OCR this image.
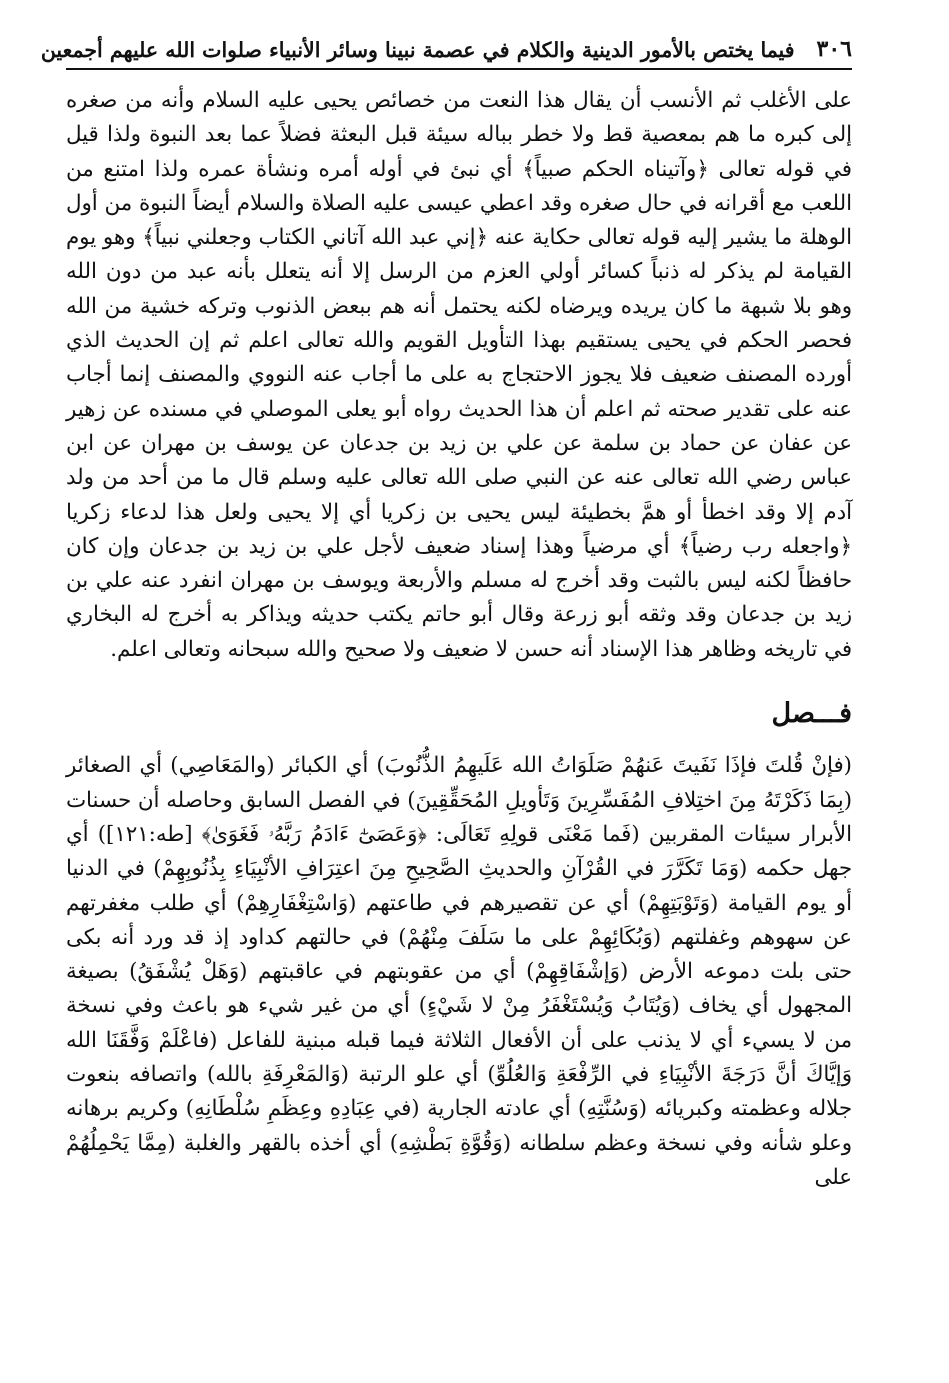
٣٠٦
فيما يختص بالأمور الدينية والكلام في عصمة نبينا وسائر الأنبياء صلوات الله عليهم أجمعين

على الأغلب ثم الأنسب أن يقال هذا النعت من خصائص يحيى عليه السلام وأنه من صغره إلى كبره ما هم بمعصية قط ولا خطر بباله سيئة قبل البعثة فضلاً عما بعد النبوة ولذا قيل في قوله تعالى ﴿وآتيناه الحكم صبياً﴾ أي نبئ في أوله أمره ونشأة عمره ولذا امتنع من اللعب مع أقرانه في حال صغره وقد اعطي عيسى عليه الصلاة والسلام أيضاً النبوة من أول الوهلة ما يشير إليه قوله تعالى حكاية عنه ﴿إني عبد الله آتاني الكتاب وجعلني نبياً﴾ وهو يوم القيامة لم يذكر له ذنباً كسائر أولي العزم من الرسل إلا أنه يتعلل بأنه عبد من دون الله وهو بلا شبهة ما كان يريده ويرضاه لكنه يحتمل أنه هم ببعض الذنوب وتركه خشية من الله فحصر الحكم في يحيى يستقيم بهذا التأويل القويم والله تعالى اعلم ثم إن الحديث الذي أورده المصنف ضعيف فلا يجوز الاحتجاج به على ما أجاب عنه النووي والمصنف إنما أجاب عنه على تقدير صحته ثم اعلم أن هذا الحديث رواه أبو يعلى الموصلي في مسنده عن زهير عن عفان عن حماد بن سلمة عن علي بن زيد بن جدعان عن يوسف بن مهران عن ابن عباس رضي الله تعالى عنه عن النبي صلى الله تعالى عليه وسلم قال ما من أحد من ولد آدم إلا وقد اخطأ أو همَّ بخطيئة ليس يحيى بن زكريا أي إلا يحيى ولعل هذا لدعاء زكريا ﴿واجعله رب رضياً﴾ أي مرضياً وهذا إسناد ضعيف لأجل علي بن زيد بن جدعان وإن كان حافظاً لكنه ليس بالثبت وقد أخرج له مسلم والأربعة ويوسف بن مهران انفرد عنه علي بن زيد بن جدعان وقد وثقه أبو زرعة وقال أبو حاتم يكتب حديثه ويذاكر به أخرج له البخاري في تاريخه وظاهر هذا الإسناد أنه حسن لا ضعيف ولا صحيح والله سبحانه وتعالى اعلم.

فـــصل

(فإنْ قُلتَ فإذَا نَفَيتَ عَنهُمْ صَلَوَاتُ الله عَلَيهِمُ الذُّنُوبَ) أي الكبائر (والمَعَاصِي) أي الصغائر (بِمَا ذَكَرْتَهُ مِنَ اختِلافِ المُفَسِّرِينَ وَتَأويلِ المُحَقِّقِينَ) في الفصل السابق وحاصله أن حسنات الأبرار سيئات المقربين (فَما مَعْنَى قولِهِ تَعَالَى: ﴿وَعَصَىٰٓ ءَادَمُ رَبَّهُۥ فَغَوَىٰ﴾ [طه:١٢١]) أي جهل حكمه (وَمَا تَكَرَّرَ في القُرْآنِ والحديثِ الصَّحِيحِ مِنَ اعتِرَافِ الأنْبِيَاءِ بِذُنُوبِهِمْ) في الدنيا أو يوم القيامة (وَتَوْبَتِهِمْ) أي عن تقصيرهم في طاعتهم (وَاسْتِغْفَارِهِمْ) أي طلب مغفرتهم عن سهوهم وغفلتهم (وَبُكَائِهِمْ على ما سَلَفَ مِنْهُمْ) في حالتهم كداود إذ قد ورد أنه بكى حتى بلت دموعه الأرض (وَإشْفَاقِهِمْ) أي من عقوبتهم في عاقبتهم (وَهَلْ يُشْفَقُ) بصيغة المجهول أي يخاف (وَيُتَابُ وَيُسْتَغْفَرُ مِنْ لا شَيْءٍ) أي من غير شيء هو باعث وفي نسخة من لا يسيء أي لا يذنب على أن الأفعال الثلاثة فيما قبله مبنية للفاعل (فاعْلَمْ وَفَّقَنَا الله وَإيَّاكَ أنَّ دَرَجَةَ الأنْبِيَاءِ في الرِّفْعَةِ وَالعُلُوِّ) أي علو الرتبة (وَالمَعْرِفَةِ بالله) واتصافه بنعوت جلاله وعظمته وكبريائه (وَسُنَّتِهِ) أي عادته الجارية (في عِبَادِهِ وعِظَمِ سُلْطَانِهِ) وكريم برهانه وعلو شأنه وفي نسخة وعظم سلطانه (وَقُوَّةِ بَطْشِهِ) أي أخذه بالقهر والغلبة (مِمَّا يَحْمِلُهُمْ على
